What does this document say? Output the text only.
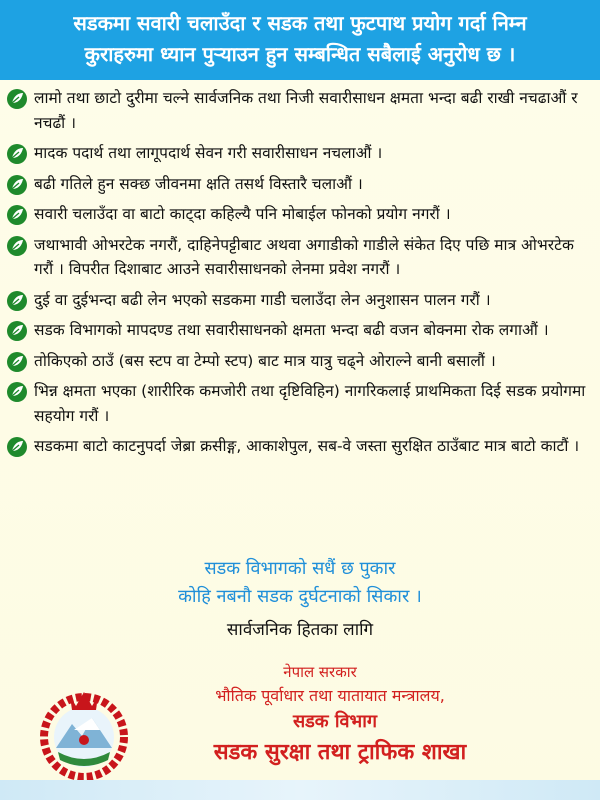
सडकमा सवारी चलाउँदा र सडक तथा फुटपाथ प्रयोग गर्दा निम्न
कुराहरुमा ध्यान पुऱ्याउन हुन सम्बन्धित सबैलाई अनुरोध छ ।
लामो तथा छाटो दुरीमा चल्ने सार्वजनिक तथा निजी सवारीसाधन क्षमता भन्दा बढी राखी नचढाऔं र नचढौं ।
मादक पदार्थ तथा लागूपदार्थ सेवन गरी सवारीसाधन नचलाऔं ।
बढी गतिले हुन सक्छ जीवनमा क्षति तसर्थ विस्तारै चलाऔं ।
सवारी चलाउँदा वा बाटो काट्दा कहिल्यै पनि मोबाईल फोनको प्रयोग नगरौं ।
जथाभावी ओभरटेक नगरौं, दाहिनेपट्टीबाट अथवा अगाडीको गाडीले संकेत दिए पछि मात्र ओभरटेक गरौं । विपरीत दिशाबाट आउने सवारीसाधनको लेनमा प्रवेश नगरौं ।
दुई वा दुईभन्दा बढी लेन भएको सडकमा गाडी चलाउँदा लेन अनुशासन पालन गरौं ।
सडक विभागको मापदण्ड तथा सवारीसाधनको क्षमता भन्दा बढी वजन बोक्नमा रोक लगाऔं ।
तोकिएको ठाउँ (बस स्टप वा टेम्पो स्टप) बाट मात्र यात्रु चढ्ने ओराल्ने बानी बसालौं ।
भिन्न क्षमता भएका (शारीरिक कमजोरी तथा दृष्टिविहिन) नागरिकलाई प्राथमिकता दिई सडक प्रयोगमा सहयोग गरौं ।
सडकमा बाटो काटनुपर्दा जेब्रा क्रसीङ्ग, आकाशेपुल, सब-वे जस्ता सुरक्षित ठाउँबाट मात्र बाटो काटौं ।
सडक विभागको सधैं छ पुकार
कोहि नबनौ सडक दुर्घटनाको सिकार ।
सार्वजनिक हितका लागि
नेपाल सरकार
भौतिक पूर्वाधार तथा यातायात मन्त्रालय,
सडक विभाग
सडक सुरक्षा तथा ट्राफिक शाखा
